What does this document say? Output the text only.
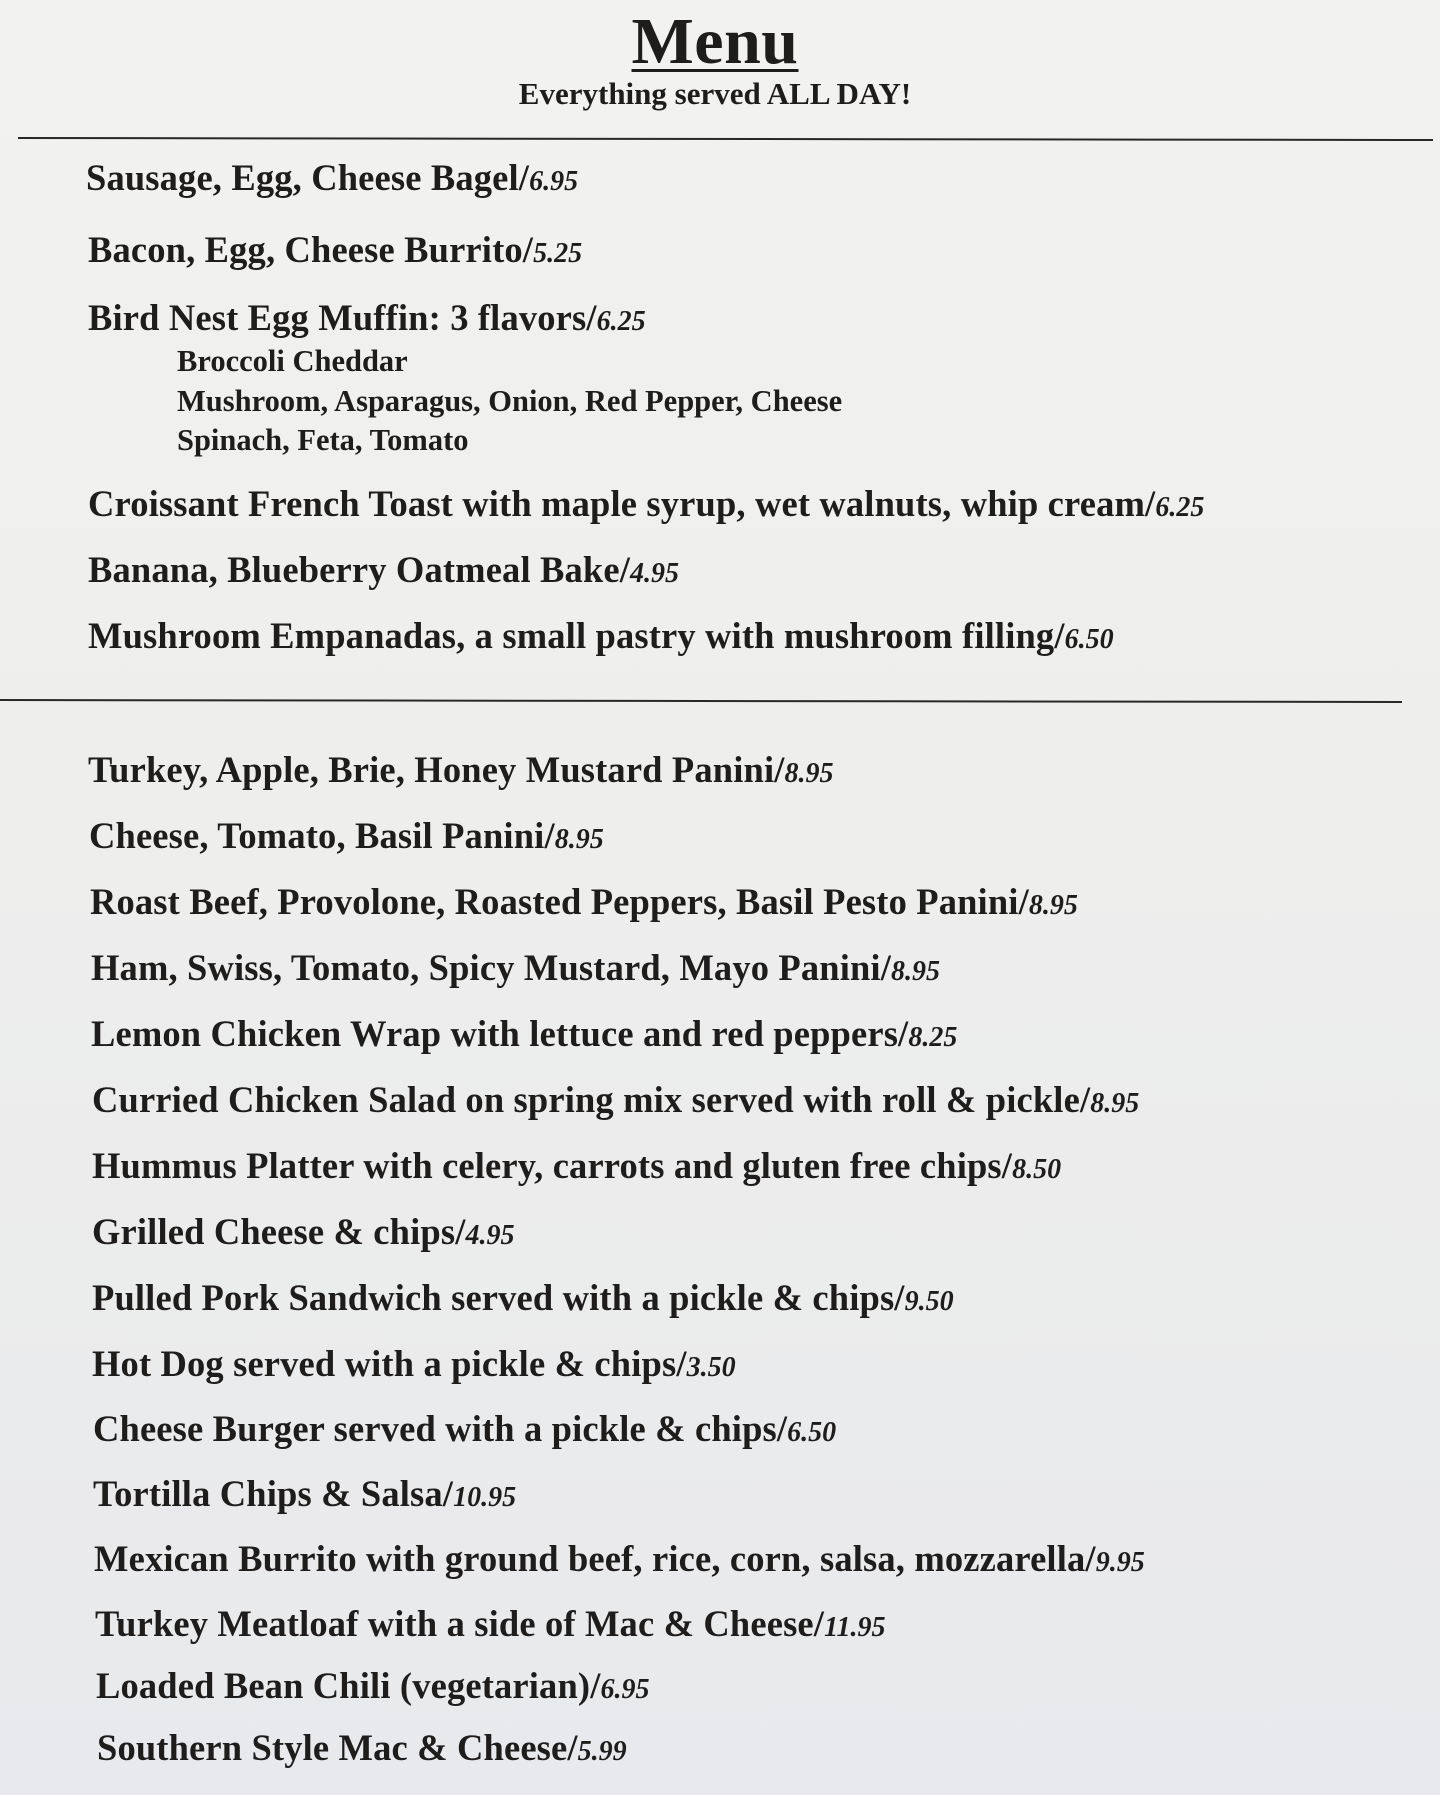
Menu
Everything served ALL DAY!
Sausage, Egg, Cheese Bagel/6.95
Bacon, Egg, Cheese Burrito/5.25
Bird Nest Egg Muffin: 3 flavors/6.25
Broccoli Cheddar
Mushroom, Asparagus, Onion, Red Pepper, Cheese
Spinach, Feta, Tomato
Croissant French Toast with maple syrup, wet walnuts, whip cream/6.25
Banana, Blueberry Oatmeal Bake/4.95
Mushroom Empanadas, a small pastry with mushroom filling/6.50
Turkey, Apple, Brie, Honey Mustard Panini/8.95
Cheese, Tomato, Basil Panini/8.95
Roast Beef, Provolone, Roasted Peppers, Basil Pesto Panini/8.95
Ham, Swiss, Tomato, Spicy Mustard, Mayo Panini/8.95
Lemon Chicken Wrap with lettuce and red peppers/8.25
Curried Chicken Salad on spring mix served with roll & pickle/8.95
Hummus Platter with celery, carrots and gluten free chips/8.50
Grilled Cheese & chips/4.95
Pulled Pork Sandwich served with a pickle & chips/9.50
Hot Dog served with a pickle & chips/3.50
Cheese Burger served with a pickle & chips/6.50
Tortilla Chips & Salsa/10.95
Mexican Burrito with ground beef, rice, corn, salsa, mozzarella/9.95
Turkey Meatloaf with a side of Mac & Cheese/11.95
Loaded Bean Chili (vegetarian)/6.95
Southern Style Mac & Cheese/5.99
